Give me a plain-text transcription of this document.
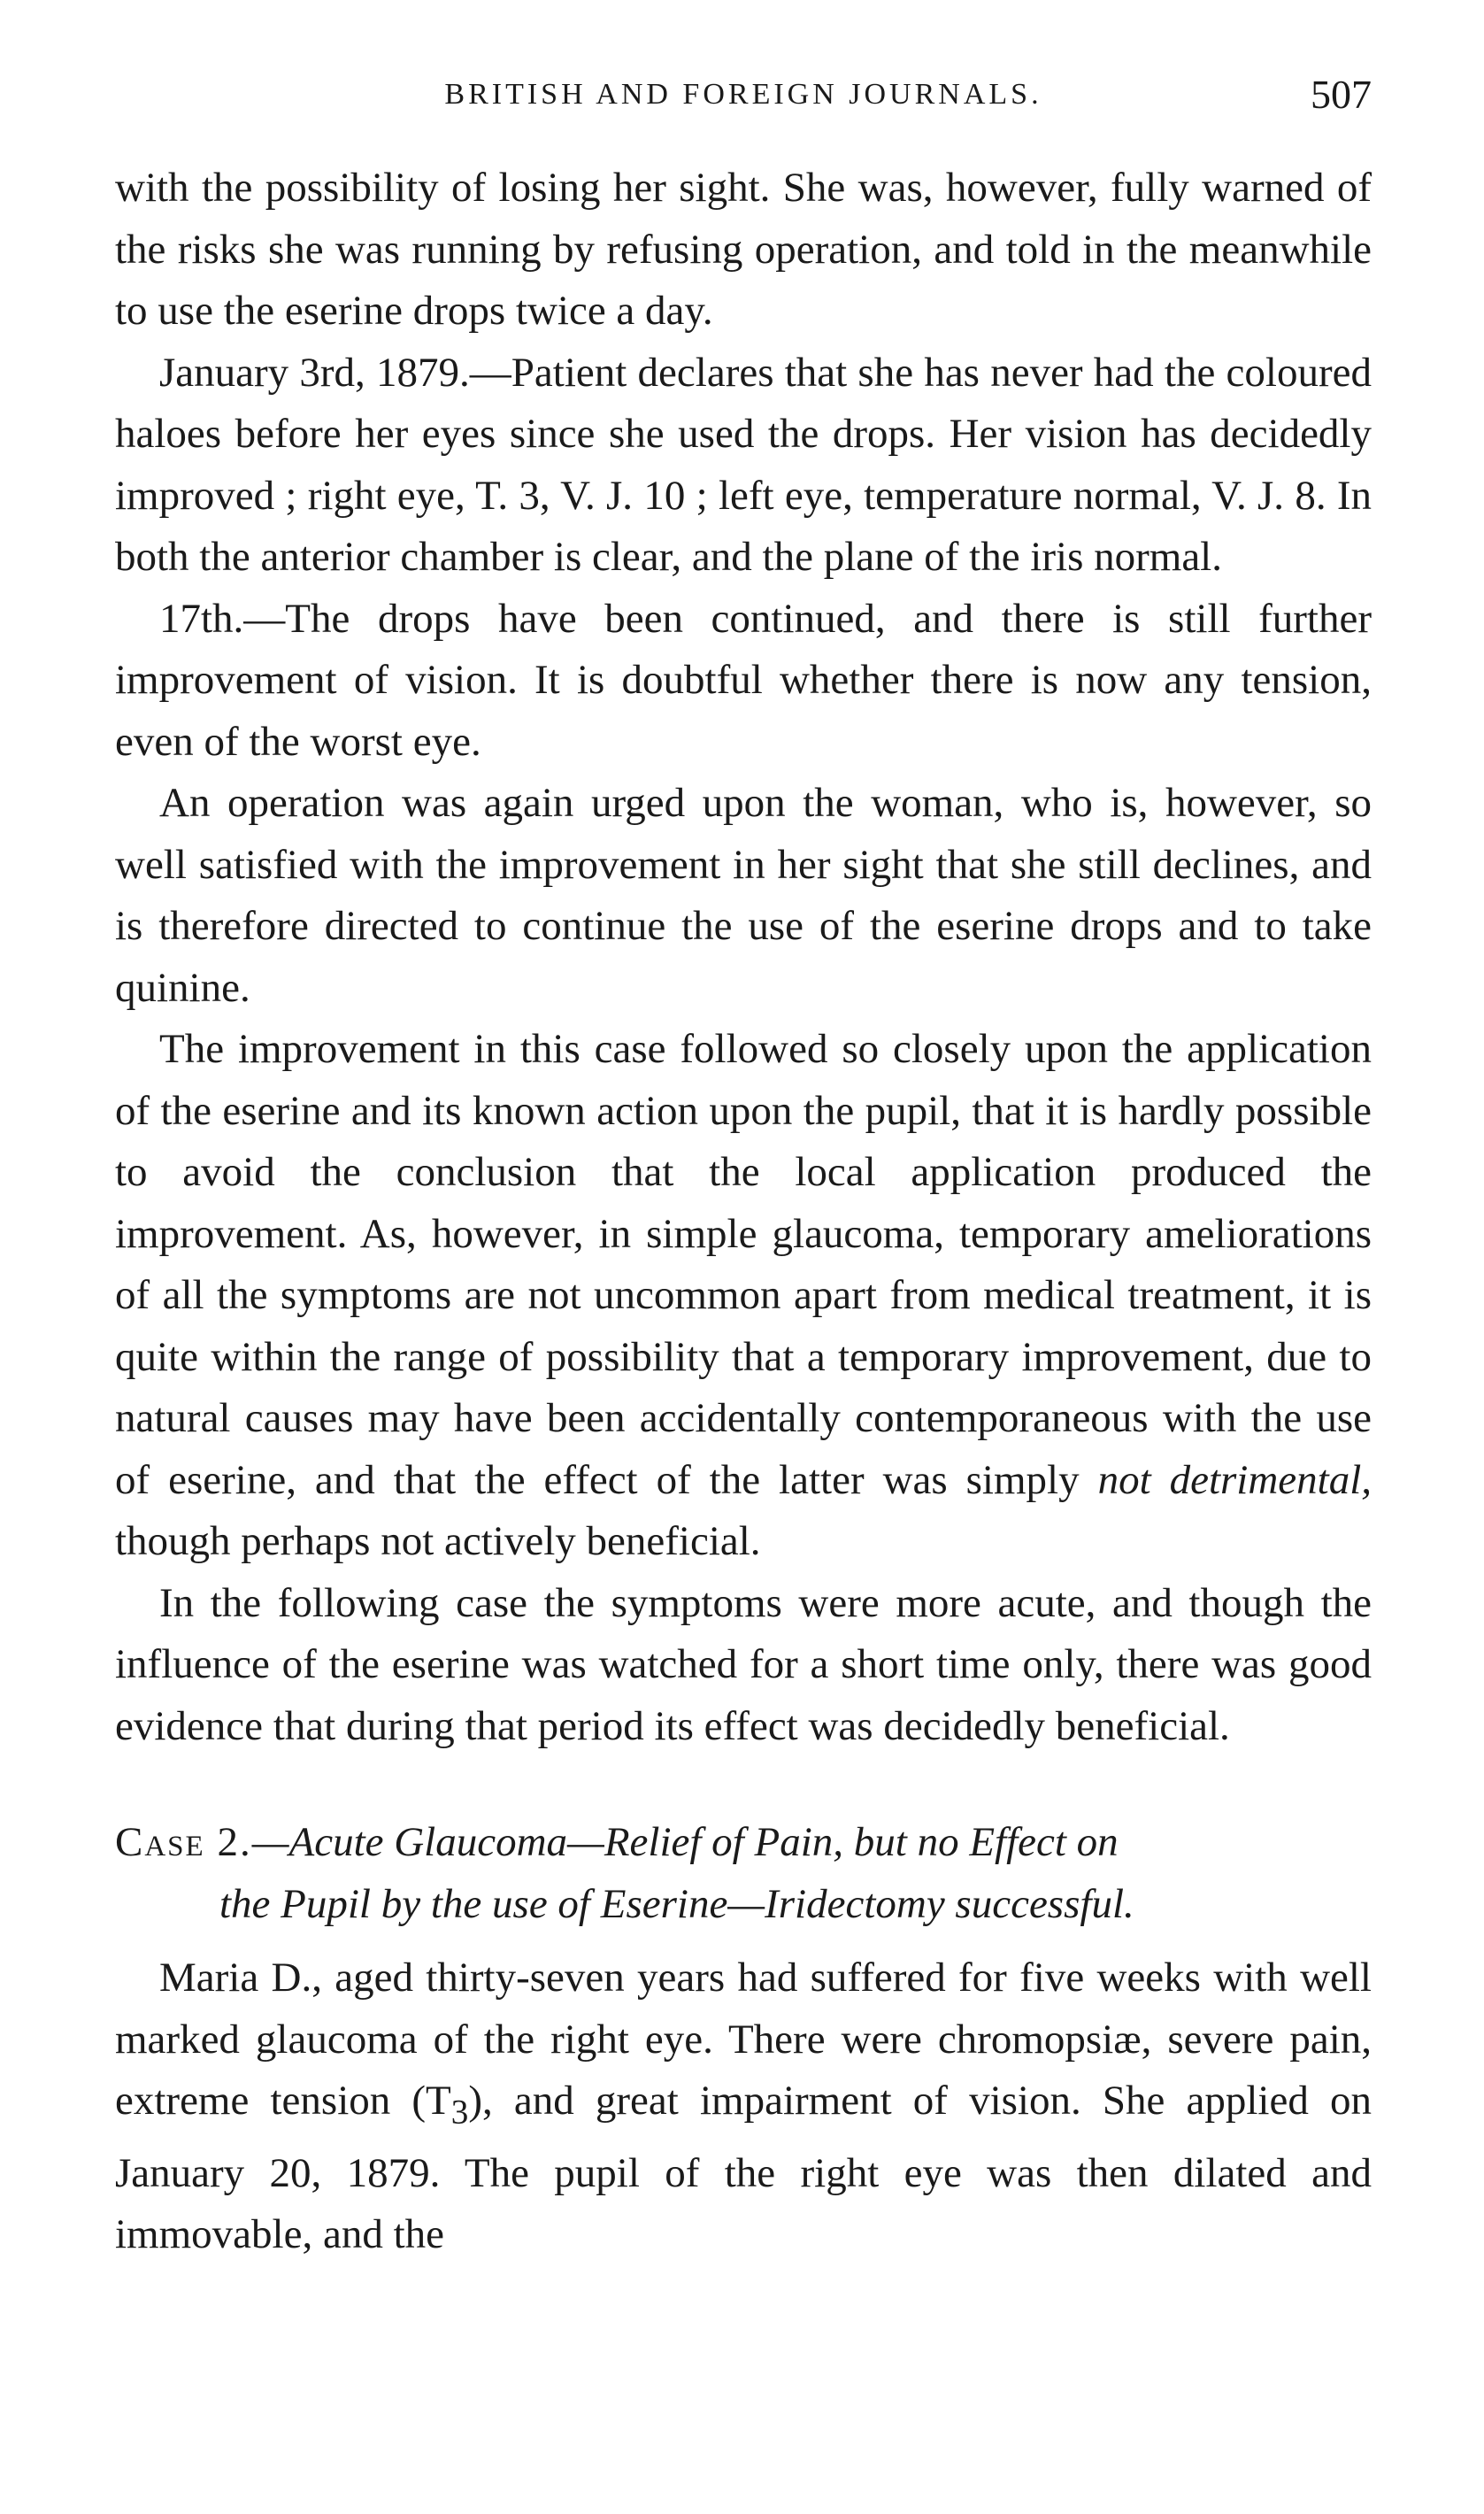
BRITISH AND FOREIGN JOURNALS.	507

with the possibility of losing her sight. She was, however, fully warned of the risks she was running by refusing operation, and told in the meanwhile to use the eserine drops twice a day.

January 3rd, 1879.—Patient declares that she has never had the coloured haloes before her eyes since she used the drops. Her vision has decidedly improved ; right eye, T. 3, V. J. 10 ; left eye, temperature normal, V. J. 8. In both the anterior chamber is clear, and the plane of the iris normal.

17th.—The drops have been continued, and there is still further improvement of vision. It is doubtful whether there is now any tension, even of the worst eye.

An operation was again urged upon the woman, who is, however, so well satisfied with the improvement in her sight that she still declines, and is therefore directed to continue the use of the eserine drops and to take quinine.

The improvement in this case followed so closely upon the application of the eserine and its known action upon the pupil, that it is hardly possible to avoid the conclusion that the local application produced the improvement. As, however, in simple glaucoma, temporary ameliorations of all the symptoms are not uncommon apart from medical treatment, it is quite within the range of possibility that a temporary improvement, due to natural causes may have been accidentally contemporaneous with the use of eserine, and that the effect of the latter was simply not detrimental, though perhaps not actively beneficial.

In the following case the symptoms were more acute, and though the influence of the eserine was watched for a short time only, there was good evidence that during that period its effect was decidedly beneficial.

Case 2.—Acute Glaucoma—Relief of Pain, but no Effect on

the Pupil by the use of Eserine—Iridectomy successful.

Maria D., aged thirty-seven years had suffered for five weeks with well marked glaucoma of the right eye. There were chromopsiæ, severe pain, extreme tension $(T_3)$, and great impairment of vision. She applied on January 20, 1879. The pupil of the right eye was then dilated and immovable, and the
